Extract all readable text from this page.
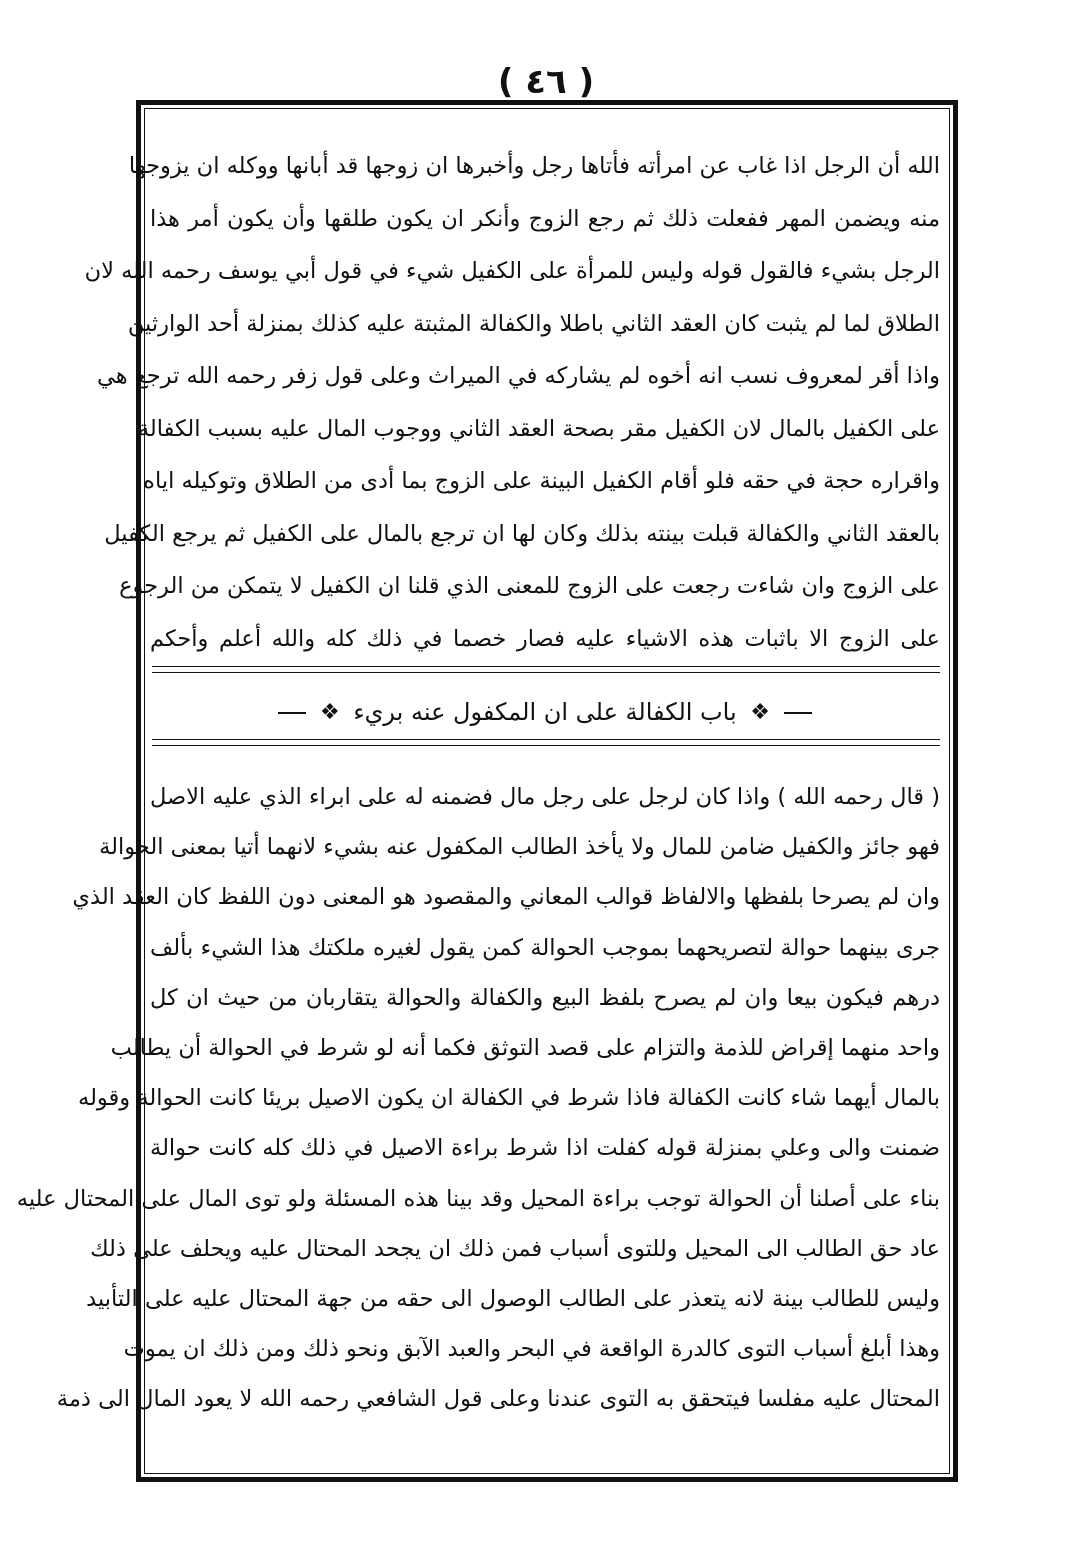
( ٤٦ )
الله أن الرجل اذا غاب عن امرأته فأتاها رجل وأخبرها ان زوجها قد أبانها ووكله ان يزوجها
منه ويضمن المهر ففعلت ذلك ثم رجع الزوج وأنكر ان يكون طلقها وأن يكون أمر هذا
الرجل بشيء فالقول قوله وليس للمرأة على الكفيل شيء في قول أبي يوسف رحمه الله لان
الطلاق لما لم يثبت كان العقد الثاني باطلا والكفالة المثبتة عليه كذلك بمنزلة أحد الوارثين
واذا أقر لمعروف نسب انه أخوه لم يشاركه في الميراث وعلى قول زفر رحمه الله ترجع هي
على الكفيل بالمال لان الكفيل مقر بصحة العقد الثاني ووجوب المال عليه بسبب الكفالة
واقراره حجة في حقه فلو أقام الكفيل البينة على الزوج بما أدى من الطلاق وتوكيله اياه
بالعقد الثاني والكفالة قبلت بينته بذلك وكان لها ان ترجع بالمال على الكفيل ثم يرجع الكفيل
على الزوج وان شاءت رجعت على الزوج للمعنى الذي قلنا ان الكفيل لا يتمكن من الرجوع
على الزوج الا باثبات هذه الاشياء عليه فصار خصما في ذلك كله والله أعلم وأحكم
❖ باب الكفالة على ان المكفول عنه بريء ❖
( قال رحمه الله ) واذا كان لرجل على رجل مال فضمنه له على ابراء الذي عليه الاصل
فهو جائز والكفيل ضامن للمال ولا يأخذ الطالب المكفول عنه بشيء لانهما أتيا بمعنى الحوالة
وان لم يصرحا بلفظها والالفاظ قوالب المعاني والمقصود هو المعنى دون اللفظ كان العقد الذي
جرى بينهما حوالة لتصريحهما بموجب الحوالة كمن يقول لغيره ملكتك هذا الشيء بألف
درهم فيكون بيعا وان لم يصرح بلفظ البيع والكفالة والحوالة يتقاربان من حيث ان كل
واحد منهما إقراض للذمة والتزام على قصد التوثق فكما أنه لو شرط في الحوالة أن يطالب
بالمال أيهما شاء كانت الكفالة فاذا شرط في الكفالة ان يكون الاصيل بريئا كانت الحوالة وقوله
ضمنت والى وعلي بمنزلة قوله كفلت اذا شرط براءة الاصيل في ذلك كله كانت حوالة
بناء على أصلنا أن الحوالة توجب براءة المحيل وقد بينا هذه المسئلة ولو توى المال على المحتال عليه
عاد حق الطالب الى المحيل وللتوى أسباب فمن ذلك ان يجحد المحتال عليه ويحلف على ذلك
وليس للطالب بينة لانه يتعذر على الطالب الوصول الى حقه من جهة المحتال عليه على التأبيد
وهذا أبلغ أسباب التوى كالدرة الواقعة في البحر والعبد الآبق ونحو ذلك ومن ذلك ان يموت
المحتال عليه مفلسا فيتحقق به التوى عندنا وعلى قول الشافعي رحمه الله لا يعود المال الى ذمة
